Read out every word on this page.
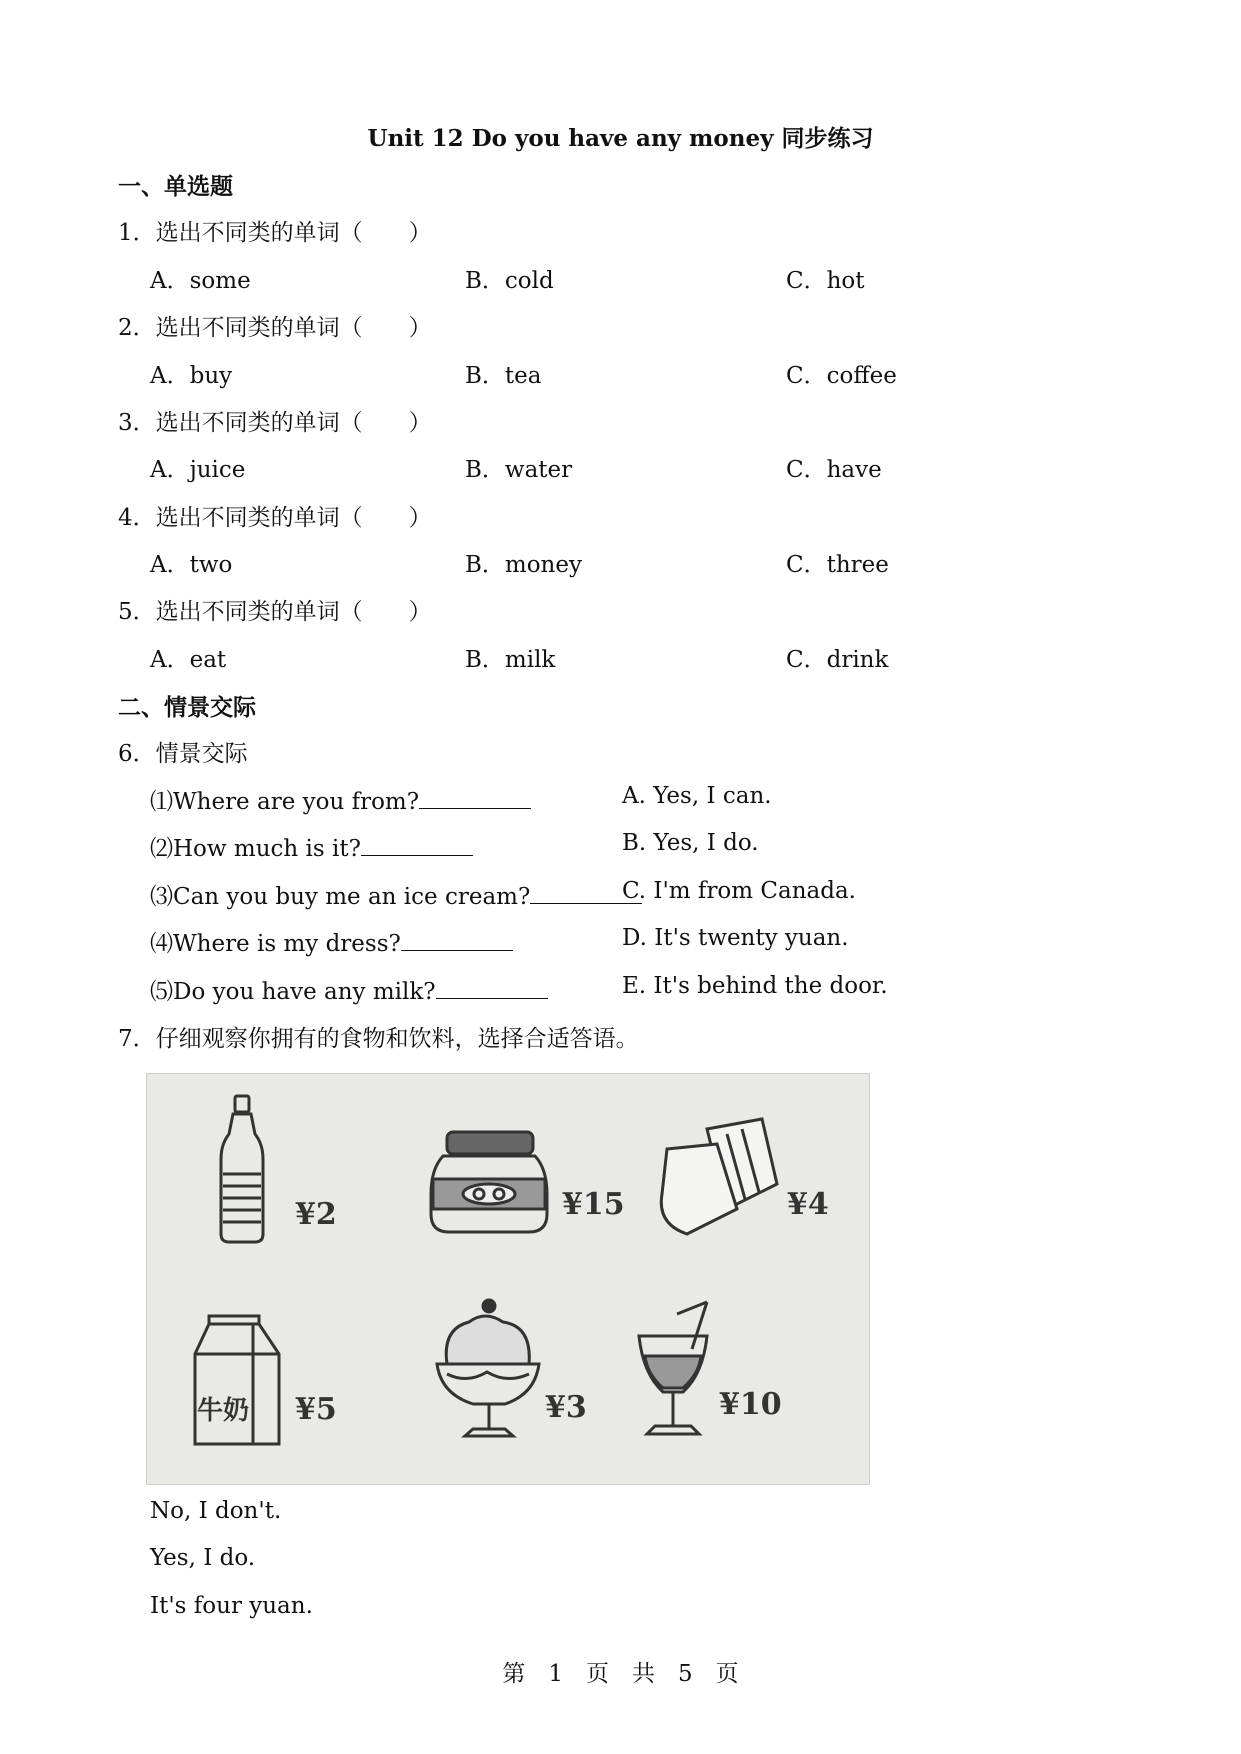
Unit 12 Do you have any money 同步练习
一、单选题
1．选出不同类的单词（　　）
A．some	B．cold	C．hot
2．选出不同类的单词（　　）
A．buy	B．tea	C．coffee
3．选出不同类的单词（　　）
A．juice	B．water	C．have
4．选出不同类的单词（　　）
A．two	B．money	C．three
5．选出不同类的单词（　　）
A．eat	B．milk	C．drink
二、情景交际
6．情景交际
⑴Where are you from?
⑵How much is it?
⑶Can you buy me an ice cream?
⑷Where is my dress?
⑸Do you have any milk?
A. Yes, I can.
B. Yes, I do.
C. I'm from Canada.
D. It's twenty yuan.
E. It's behind the door.
7．仔细观察你拥有的食物和饮料，选择合适答语。
¥2	¥15	¥4
牛奶 ¥5	¥3	¥10
No, I don't.
Yes, I do.
It's four yuan.
第　1　页　共　5　页
